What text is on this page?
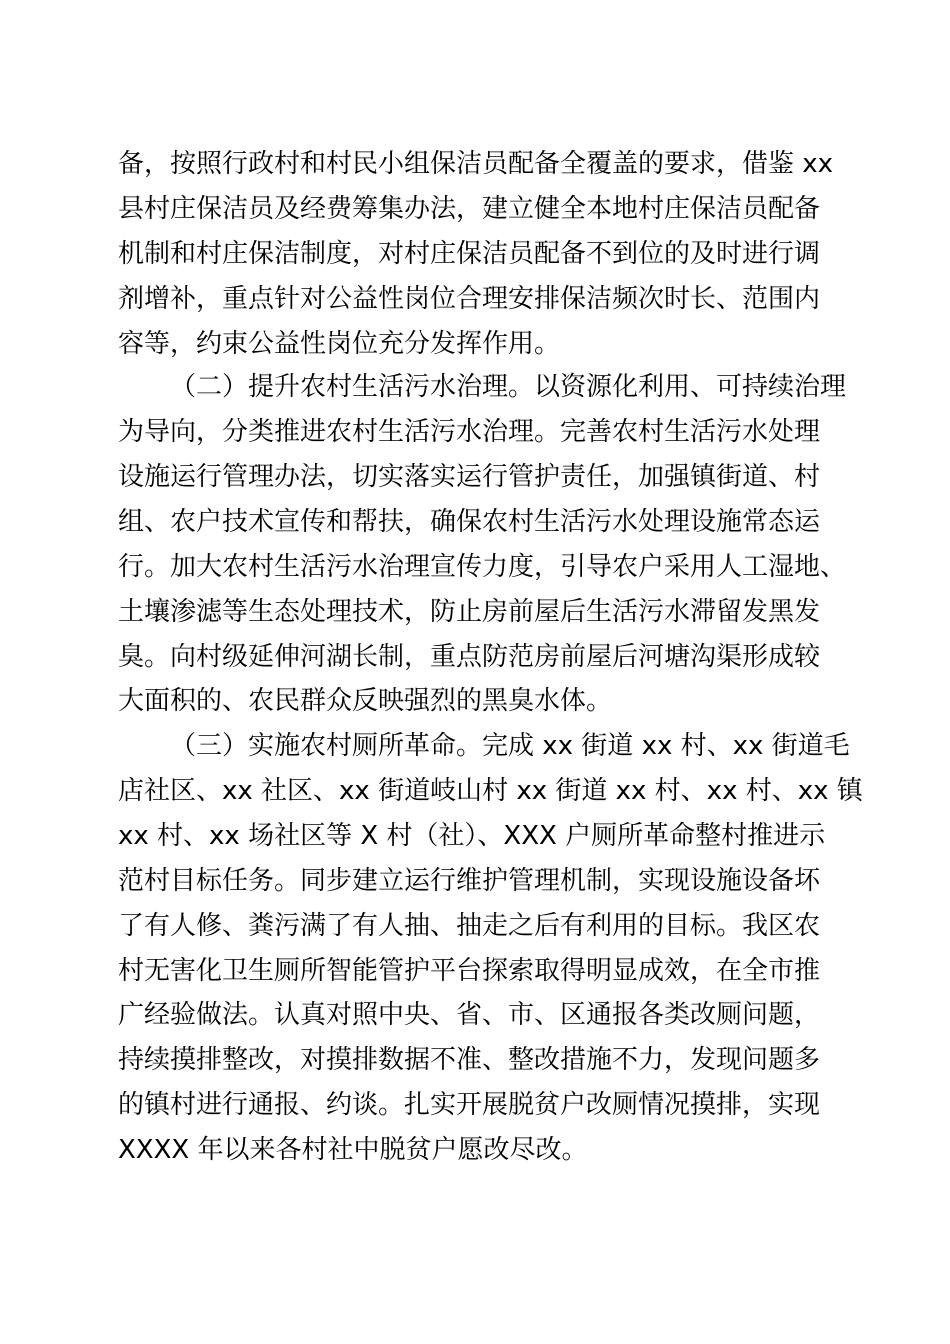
备，按照行政村和村民小组保洁员配备全覆盖的要求，借鉴 xx
县村庄保洁员及经费筹集办法，建立健全本地村庄保洁员配备
机制和村庄保洁制度，对村庄保洁员配备不到位的及时进行调
剂增补，重点针对公益性岗位合理安排保洁频次时长、范围内
容等，约束公益性岗位充分发挥作用。
（二）提升农村生活污水治理。以资源化利用、可持续治理
为导向，分类推进农村生活污水治理。完善农村生活污水处理
设施运行管理办法，切实落实运行管护责任，加强镇街道、村
组、农户技术宣传和帮扶，确保农村生活污水处理设施常态运
行。加大农村生活污水治理宣传力度，引导农户采用人工湿地、
土壤渗滤等生态处理技术，防止房前屋后生活污水滞留发黑发
臭。向村级延伸河湖长制，重点防范房前屋后河塘沟渠形成较
大面积的、农民群众反映强烈的黑臭水体。
（三）实施农村厕所革命。完成 xx 街道 xx 村、xx 街道毛
店社区、xx 社区、xx 街道岐山村 xx 街道 xx 村、xx 村、xx 镇
xx 村、xx 场社区等 X 村（社）、XXX 户厕所革命整村推进示
范村目标任务。同步建立运行维护管理机制，实现设施设备坏
了有人修、粪污满了有人抽、抽走之后有利用的目标。我区农
村无害化卫生厕所智能管护平台探索取得明显成效，在全市推
广经验做法。认真对照中央、省、市、区通报各类改厕问题，
持续摸排整改，对摸排数据不准、整改措施不力，发现问题多
的镇村进行通报、约谈。扎实开展脱贫户改厕情况摸排，实现
XXXX 年以来各村社中脱贫户愿改尽改。
